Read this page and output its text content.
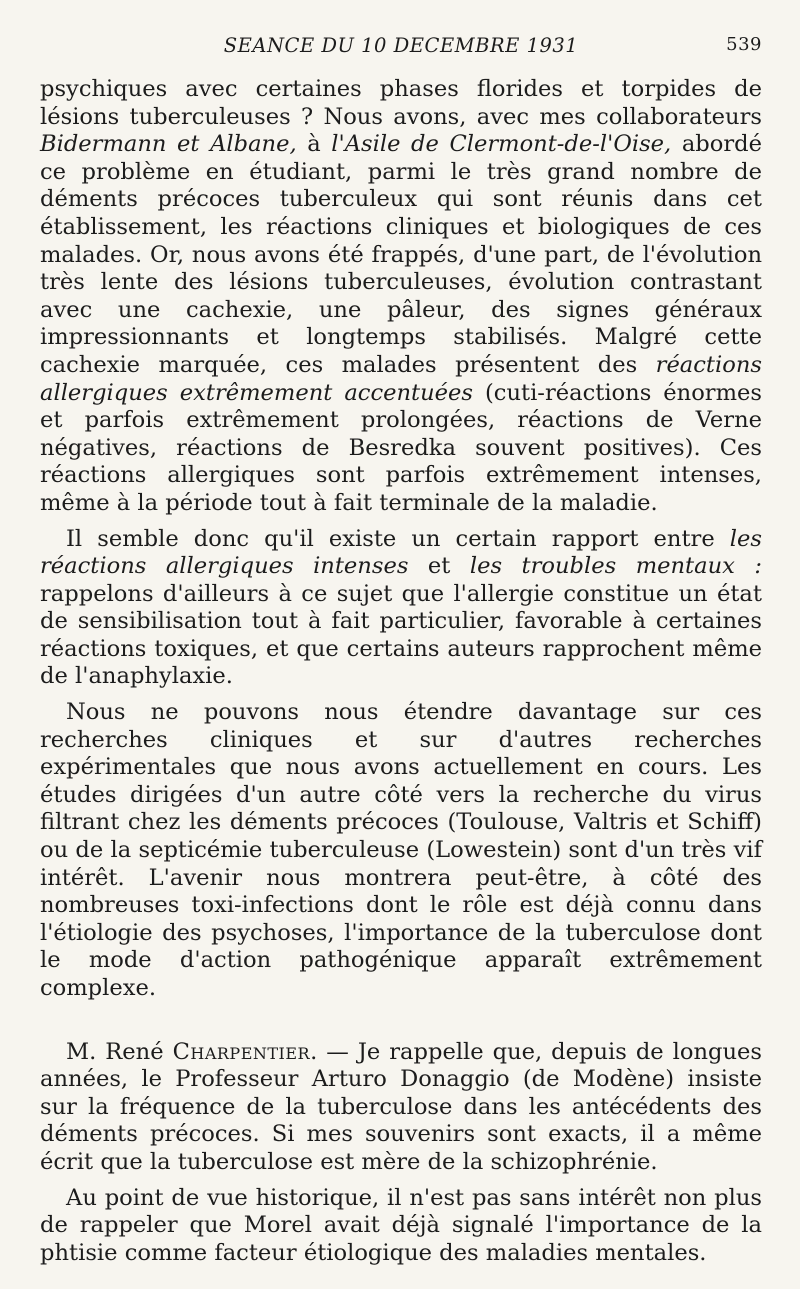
SEANCE DU 10 DECEMBRE 1931	539

psychiques avec certaines phases florides et torpides de lésions tuberculeuses ? Nous avons, avec mes collaborateurs Bidermann et Albane, à l'Asile de Clermont-de-l'Oise, abordé ce problème en étudiant, parmi le très grand nombre de déments précoces tuberculeux qui sont réunis dans cet établissement, les réactions cliniques et biologiques de ces malades. Or, nous avons été frappés, d'une part, de l'évolution très lente des lésions tuberculeuses, évolution contrastant avec une cachexie, une pâleur, des signes généraux impressionnants et longtemps stabilisés. Malgré cette cachexie marquée, ces malades présentent des réactions allergiques extrêmement accentuées (cuti-réactions énormes et parfois extrêmement prolongées, réactions de Verne négatives, réactions de Besredka souvent positives). Ces réactions allergiques sont parfois extrêmement intenses, même à la période tout à fait terminale de la maladie.

Il semble donc qu'il existe un certain rapport entre les réactions allergiques intenses et les troubles mentaux : rappelons d'ailleurs à ce sujet que l'allergie constitue un état de sensibilisation tout à fait particulier, favorable à certaines réactions toxiques, et que certains auteurs rapprochent même de l'anaphylaxie.

Nous ne pouvons nous étendre davantage sur ces recherches cliniques et sur d'autres recherches expérimentales que nous avons actuellement en cours. Les études dirigées d'un autre côté vers la recherche du virus filtrant chez les déments précoces (Toulouse, Valtris et Schiff) ou de la septicémie tuberculeuse (Lowestein) sont d'un très vif intérêt. L'avenir nous montrera peut-être, à côté des nombreuses toxi-infections dont le rôle est déjà connu dans l'étiologie des psychoses, l'importance de la tuberculose dont le mode d'action pathogénique apparaît extrêmement complexe.

M. René Charpentier. — Je rappelle que, depuis de longues années, le Professeur Arturo Donaggio (de Modène) insiste sur la fréquence de la tuberculose dans les antécédents des déments précoces. Si mes souvenirs sont exacts, il a même écrit que la tuberculose est mère de la schizophrénie.

Au point de vue historique, il n'est pas sans intérêt non plus de rappeler que Morel avait déjà signalé l'importance de la phtisie comme facteur étiologique des maladies mentales.
